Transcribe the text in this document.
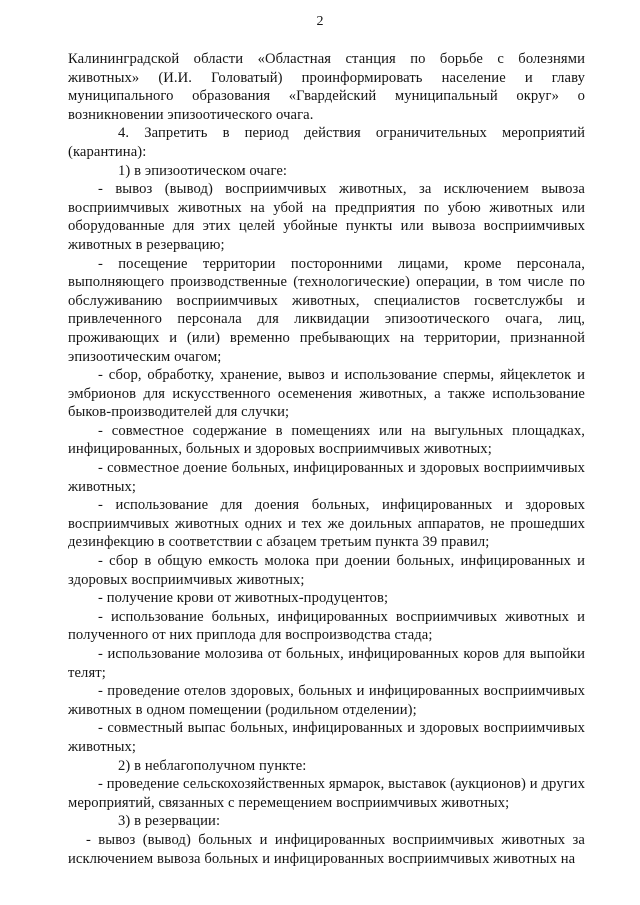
2

Калининградской области «Областная станция по борьбе с болезнями животных» (И.И. Головатый) проинформировать население и главу муниципального образования «Гвардейский муниципальный округ» о возникновении эпизоотического очага.

4. Запретить в период действия ограничительных мероприятий (карантина):

1) в эпизоотическом очаге:

- вывоз (вывод) восприимчивых животных, за исключением вывоза восприимчивых животных на убой на предприятия по убою животных или оборудованные для этих целей убойные пункты или вывоза восприимчивых животных в резервацию;

- посещение территории посторонними лицами, кроме персонала, выполняющего производственные (технологические) операции, в том числе по обслуживанию восприимчивых животных, специалистов госветслужбы и привлеченного персонала для ликвидации эпизоотического очага, лиц, проживающих и (или) временно пребывающих на территории, признанной эпизоотическим очагом;

- сбор, обработку, хранение, вывоз и использование спермы, яйцеклеток и эмбрионов для искусственного осеменения животных, а также использование быков-производителей для случки;

- совместное содержание в помещениях или на выгульных площадках, инфицированных, больных и здоровых восприимчивых животных;

- совместное доение больных, инфицированных и здоровых восприимчивых животных;

- использование для доения больных, инфицированных и здоровых восприимчивых животных одних и тех же доильных аппаратов, не прошедших дезинфекцию в соответствии с абзацем третьим пункта 39 правил;

- сбор в общую емкость молока при доении больных, инфицированных и здоровых восприимчивых животных;

- получение крови от животных-продуцентов;

- использование больных, инфицированных восприимчивых животных и полученного от них приплода для воспроизводства стада;

- использование молозива от больных, инфицированных коров для выпойки телят;

- проведение отелов здоровых, больных и инфицированных восприимчивых животных в одном помещении (родильном отделении);

- совместный выпас больных, инфицированных и здоровых восприимчивых животных;

2) в неблагополучном пункте:

- проведение сельскохозяйственных ярмарок, выставок (аукционов) и других мероприятий, связанных с перемещением восприимчивых животных;

3) в резервации:

- вывоз (вывод) больных и инфицированных восприимчивых животных за исключением вывоза больных и инфицированных восприимчивых животных на
